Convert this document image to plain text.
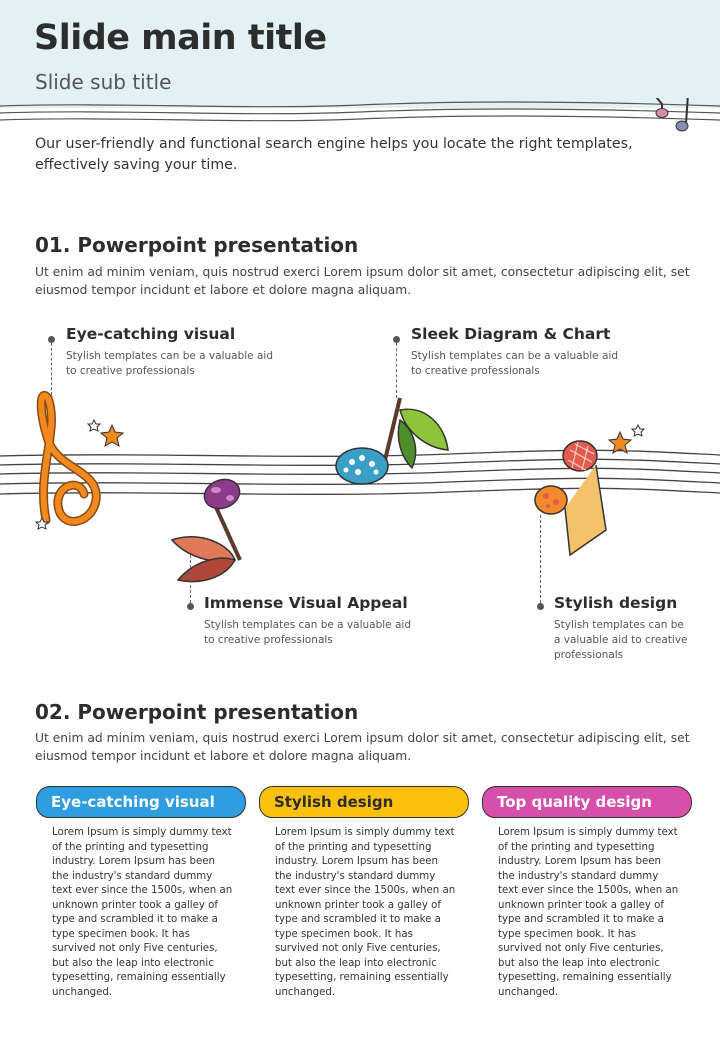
Slide main title
Slide sub title
Our user-friendly and functional search engine helps you locate the right templates, effectively saving your time.
01. Powerpoint presentation
Ut enim ad minim veniam, quis nostrud exerci Lorem ipsum dolor sit amet, consectetur adipiscing elit, set eiusmod tempor incidunt et labore et dolore magna aliquam.
Eye-catching visual
Stylish templates can be a valuable aid to creative professionals
Sleek Diagram & Chart
Stylish templates can be a valuable aid to creative professionals
Immense Visual Appeal
Stylish templates can be a valuable aid to creative professionals
Stylish design
Stylish templates can be a valuable aid to creative professionals
02. Powerpoint presentation
Ut enim ad minim veniam, quis nostrud exerci Lorem ipsum dolor sit amet, consectetur adipiscing elit, set eiusmod tempor incidunt et labore et dolore magna aliquam.
Eye-catching visual
Lorem Ipsum is simply dummy text of the printing and typesetting industry. Lorem Ipsum has been the industry's standard dummy text ever since the 1500s, when an unknown printer took a galley of type and scrambled it to make a type specimen book. It has survived not only Five centuries, but also the leap into electronic typesetting, remaining essentially unchanged.
Stylish design
Lorem Ipsum is simply dummy text of the printing and typesetting industry. Lorem Ipsum has been the industry's standard dummy text ever since the 1500s, when an unknown printer took a galley of type and scrambled it to make a type specimen book. It has survived not only Five centuries, but also the leap into electronic typesetting, remaining essentially unchanged.
Top quality design
Lorem Ipsum is simply dummy text of the printing and typesetting industry. Lorem Ipsum has been the industry's standard dummy text ever since the 1500s, when an unknown printer took a galley of type and scrambled it to make a type specimen book. It has survived not only Five centuries, but also the leap into electronic typesetting, remaining essentially unchanged.
